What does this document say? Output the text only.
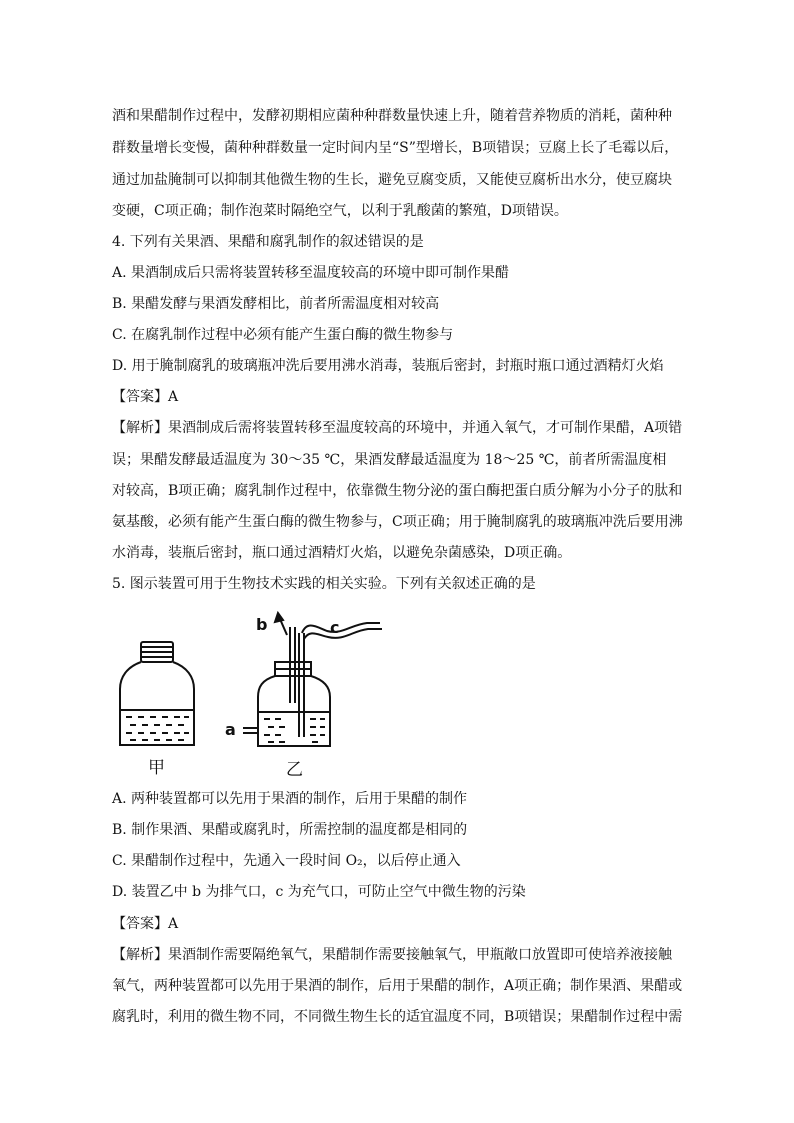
酒和果醋制作过程中，发酵初期相应菌种种群数量快速上升，随着营养物质的消耗，菌种种
群数量增长变慢，菌种种群数量一定时间内呈“S”型增长，B项错误；豆腐上长了毛霉以后，
通过加盐腌制可以抑制其他微生物的生长，避免豆腐变质，又能使豆腐析出水分，使豆腐块
变硬，C项正确；制作泡菜时隔绝空气，以利于乳酸菌的繁殖，D项错误。
4. 下列有关果酒、果醋和腐乳制作的叙述错误的是
A. 果酒制成后只需将装置转移至温度较高的环境中即可制作果醋
B. 果醋发酵与果酒发酵相比，前者所需温度相对较高
C. 在腐乳制作过程中必须有能产生蛋白酶的微生物参与
D. 用于腌制腐乳的玻璃瓶冲洗后要用沸水消毒，装瓶后密封，封瓶时瓶口通过酒精灯火焰
【答案】A
【解析】果酒制成后需将装置转移至温度较高的环境中，并通入氧气，才可制作果醋，A项错
误；果醋发酵最适温度为 30～35 ℃，果酒发酵最适温度为 18～25 ℃，前者所需温度相
对较高，B项正确；腐乳制作过程中，依靠微生物分泌的蛋白酶把蛋白质分解为小分子的肽和
氨基酸，必须有能产生蛋白酶的微生物参与，C项正确；用于腌制腐乳的玻璃瓶冲洗后要用沸
水消毒，装瓶后密封，瓶口通过酒精灯火焰，以避免杂菌感染，D项正确。
5. 图示装置可用于生物技术实践的相关实验。下列有关叙述正确的是
甲
b	c
a
乙
A. 两种装置都可以先用于果酒的制作，后用于果醋的制作
B. 制作果酒、果醋或腐乳时，所需控制的温度都是相同的
C. 果醋制作过程中，先通入一段时间 O₂，以后停止通入
D. 装置乙中 b 为排气口，c 为充气口，可防止空气中微生物的污染
【答案】A
【解析】果酒制作需要隔绝氧气，果醋制作需要接触氧气，甲瓶敞口放置即可使培养液接触
氧气，两种装置都可以先用于果酒的制作，后用于果醋的制作，A项正确；制作果酒、果醋或
腐乳时，利用的微生物不同，不同微生物生长的适宜温度不同，B项错误；果醋制作过程中需
